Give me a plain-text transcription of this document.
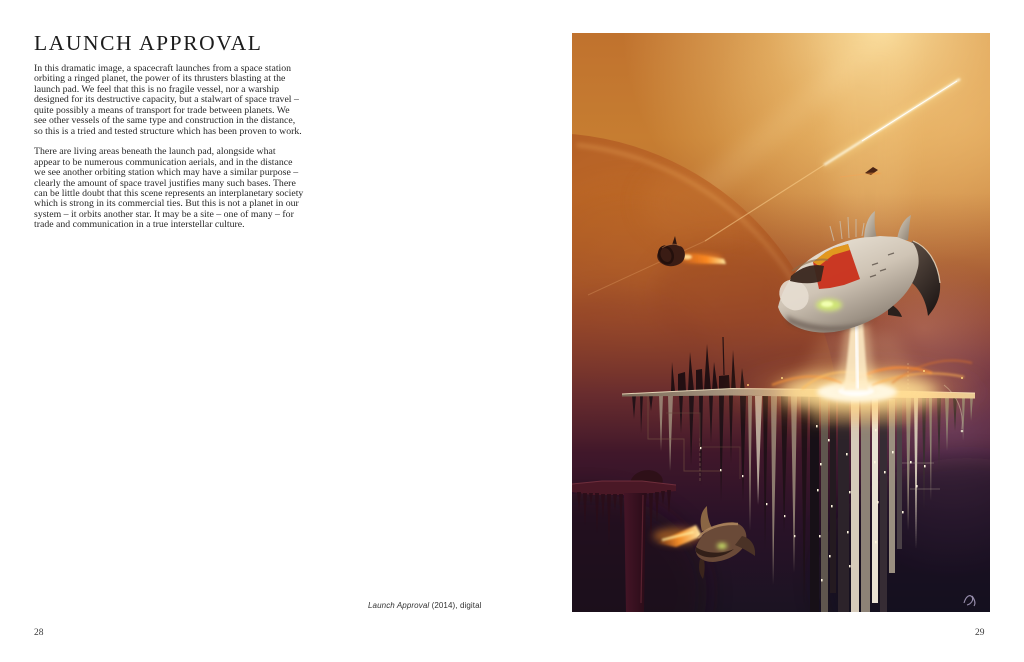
LAUNCH APPROVAL

In this dramatic image, a spacecraft launches from a space station orbiting a ringed planet, the power of its thrusters blasting at the launch pad. We feel that this is no fragile vessel, nor a warship designed for its destructive capacity, but a stalwart of space travel – quite possibly a means of transport for trade between planets. We see other vessels of the same type and construction in the distance, so this is a tried and tested structure which has been proven to work.

There are living areas beneath the launch pad, alongside what appear to be numerous communication aerials, and in the distance we see another orbiting station which may have a similar purpose – clearly the amount of space travel justifies many such bases. There can be little doubt that this scene represents an interplanetary society which is strong in its commercial ties. But this is not a planet in our system – it orbits another star. It may be a site – one of many – for trade and communication in a true interstellar culture.

Launch Approval (2014), digital
28	29
